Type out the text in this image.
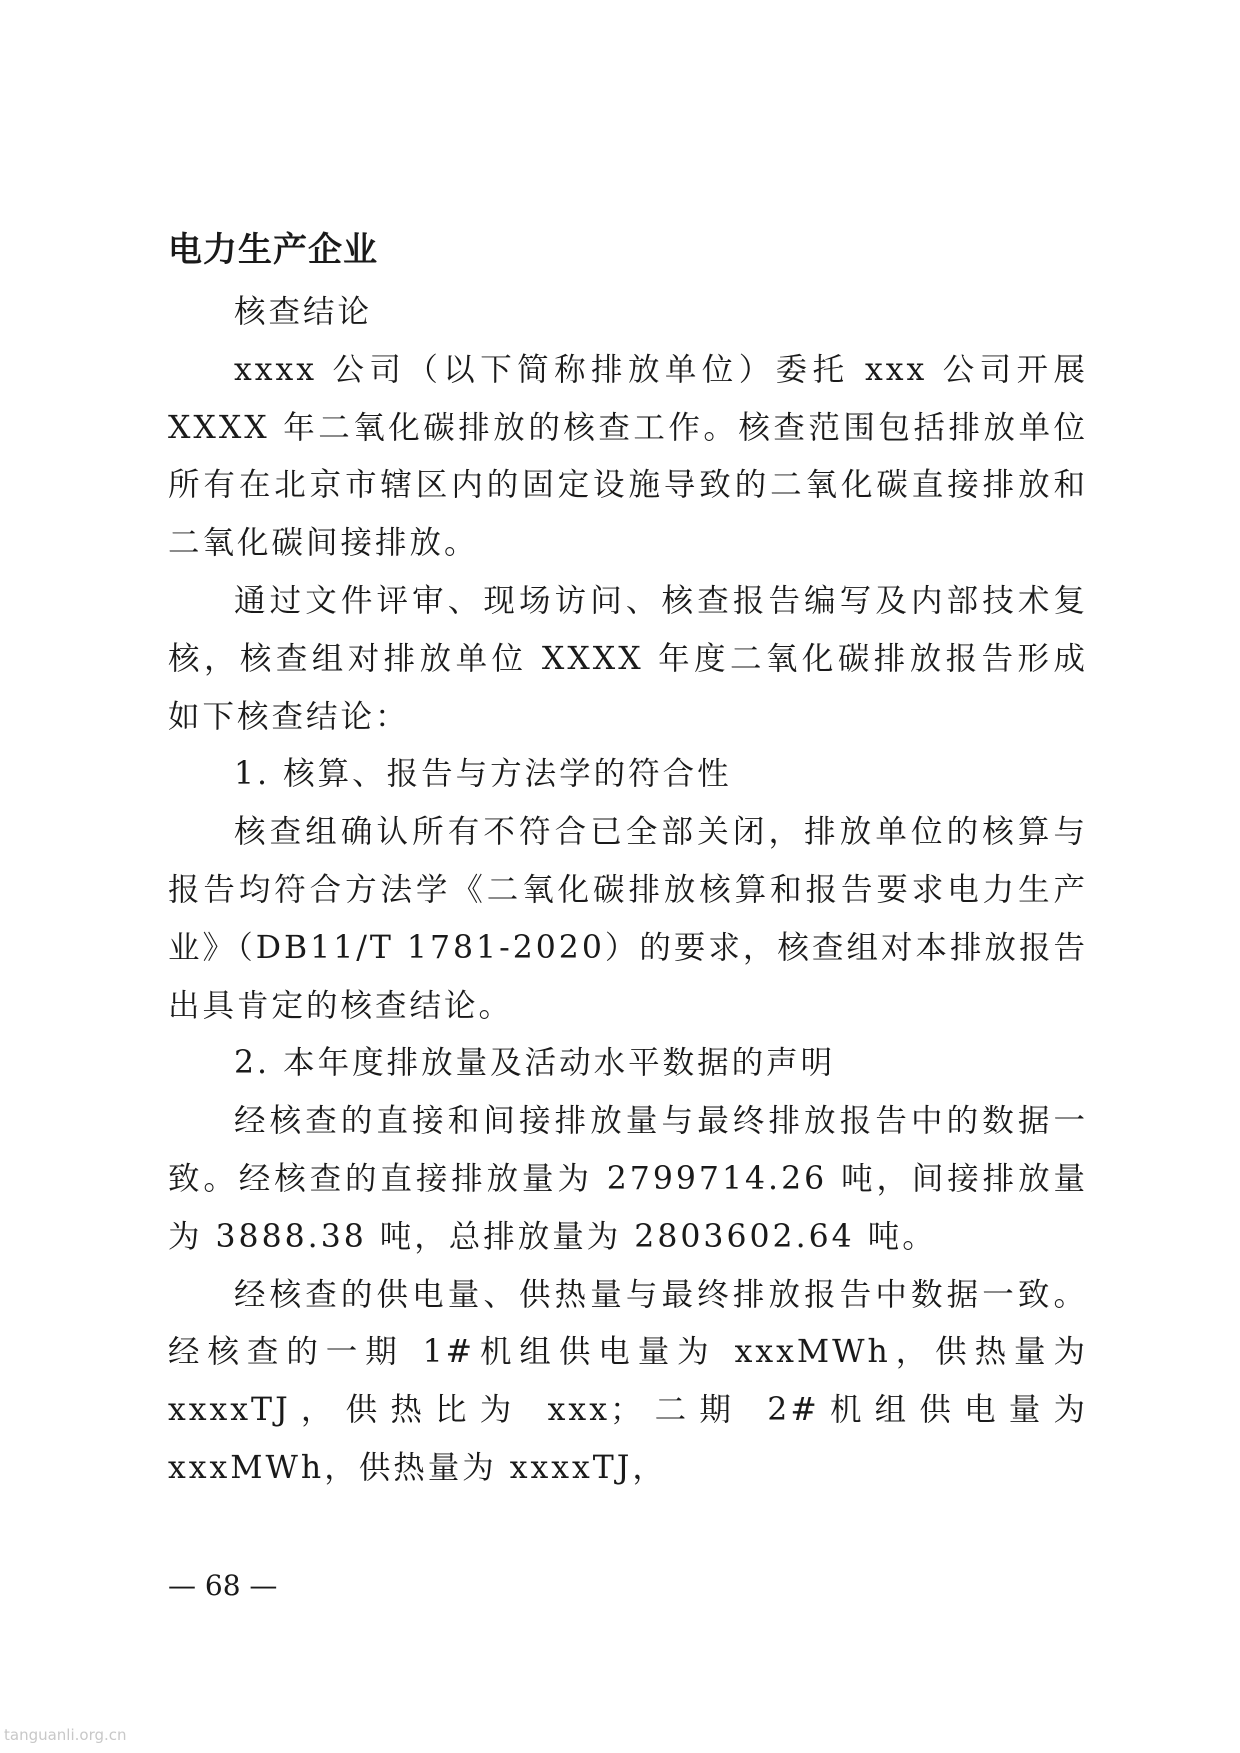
电力生产企业

核查结论

xxxx 公司（以下简称排放单位）委托 xxx 公司开展 XXXX 年二氧化碳排放的核查工作。核查范围包括排放单位所有在北京市辖区内的固定设施导致的二氧化碳直接排放和二氧化碳间接排放。

通过文件评审、现场访问、核查报告编写及内部技术复核，核查组对排放单位 XXXX 年度二氧化碳排放报告形成如下核查结论：

1. 核算、报告与方法学的符合性

核查组确认所有不符合已全部关闭，排放单位的核算与报告均符合方法学《二氧化碳排放核算和报告要求电力生产业》（DB11/T 1781-2020）的要求，核查组对本排放报告出具肯定的核查结论。

2. 本年度排放量及活动水平数据的声明

经核查的直接和间接排放量与最终排放报告中的数据一致。经核查的直接排放量为 2799714.26 吨，间接排放量为 3888.38 吨，总排放量为 2803602.64 吨。

经核查的供电量、供热量与最终排放报告中数据一致。经核查的一期 1#机组供电量为 xxxMWh，供热量为 xxxxTJ，供热比为 xxx；二期 2#机组供电量为 xxxMWh，供热量为 xxxxTJ，

— 68 —
tanguanli.org.cn
